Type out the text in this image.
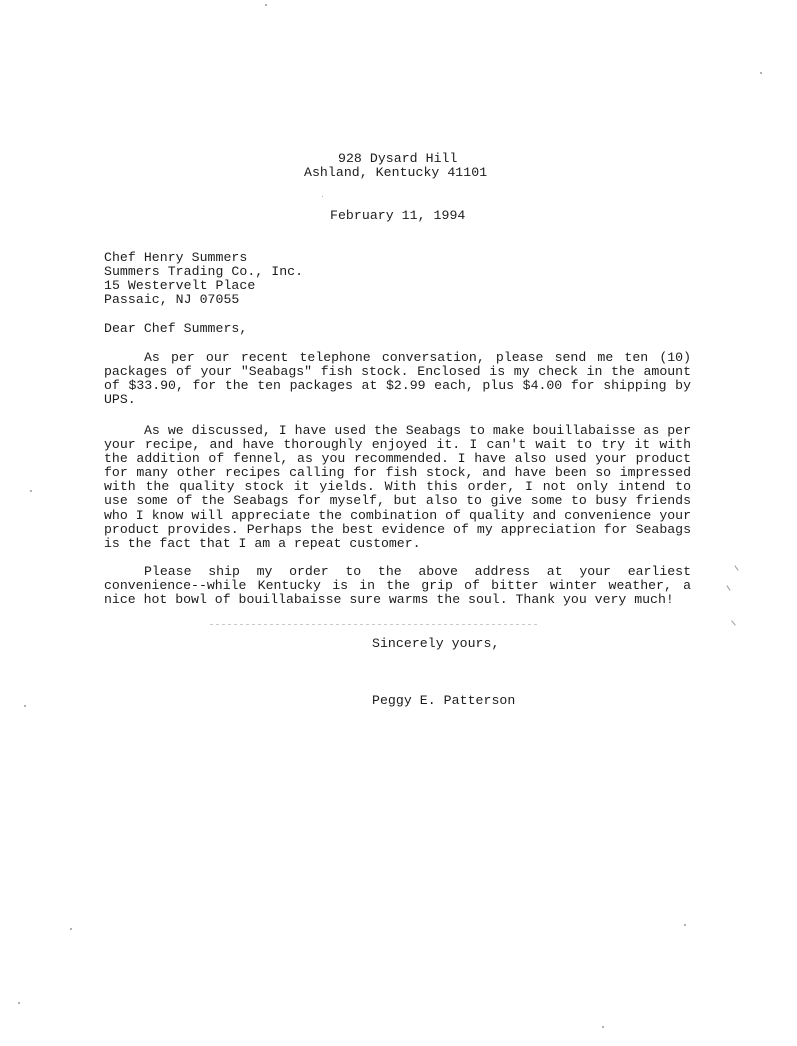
928 Dysard Hill
Ashland, Kentucky 41101
February 11, 1994
Chef Henry Summers
Summers Trading Co., Inc.
15 Westervelt Place
Passaic, NJ 07055
Dear Chef Summers,

As per our recent telephone conversation, please send me ten (10) packages of your "Seabags" fish stock. Enclosed is my check in the amount of $33.90, for the ten packages at $2.99 each, plus $4.00 for shipping by UPS.

As we discussed, I have used the Seabags to make bouillabaisse as per your recipe, and have thoroughly enjoyed it. I can't wait to try it with the addition of fennel, as you recommended. I have also used your product for many other recipes calling for fish stock, and have been so impressed with the quality stock it yields. With this order, I not only intend to use some of the Seabags for myself, but also to give some to busy friends who I know will appreciate the combination of quality and convenience your product provides. Perhaps the best evidence of my appreciation for Seabags is the fact that I am a repeat customer.

Please ship my order to the above address at your earliest convenience--while Kentucky is in the grip of bitter winter weather, a nice hot bowl of bouillabaisse sure warms the soul. Thank you very much!

Sincerely yours,
Peggy E. Patterson
